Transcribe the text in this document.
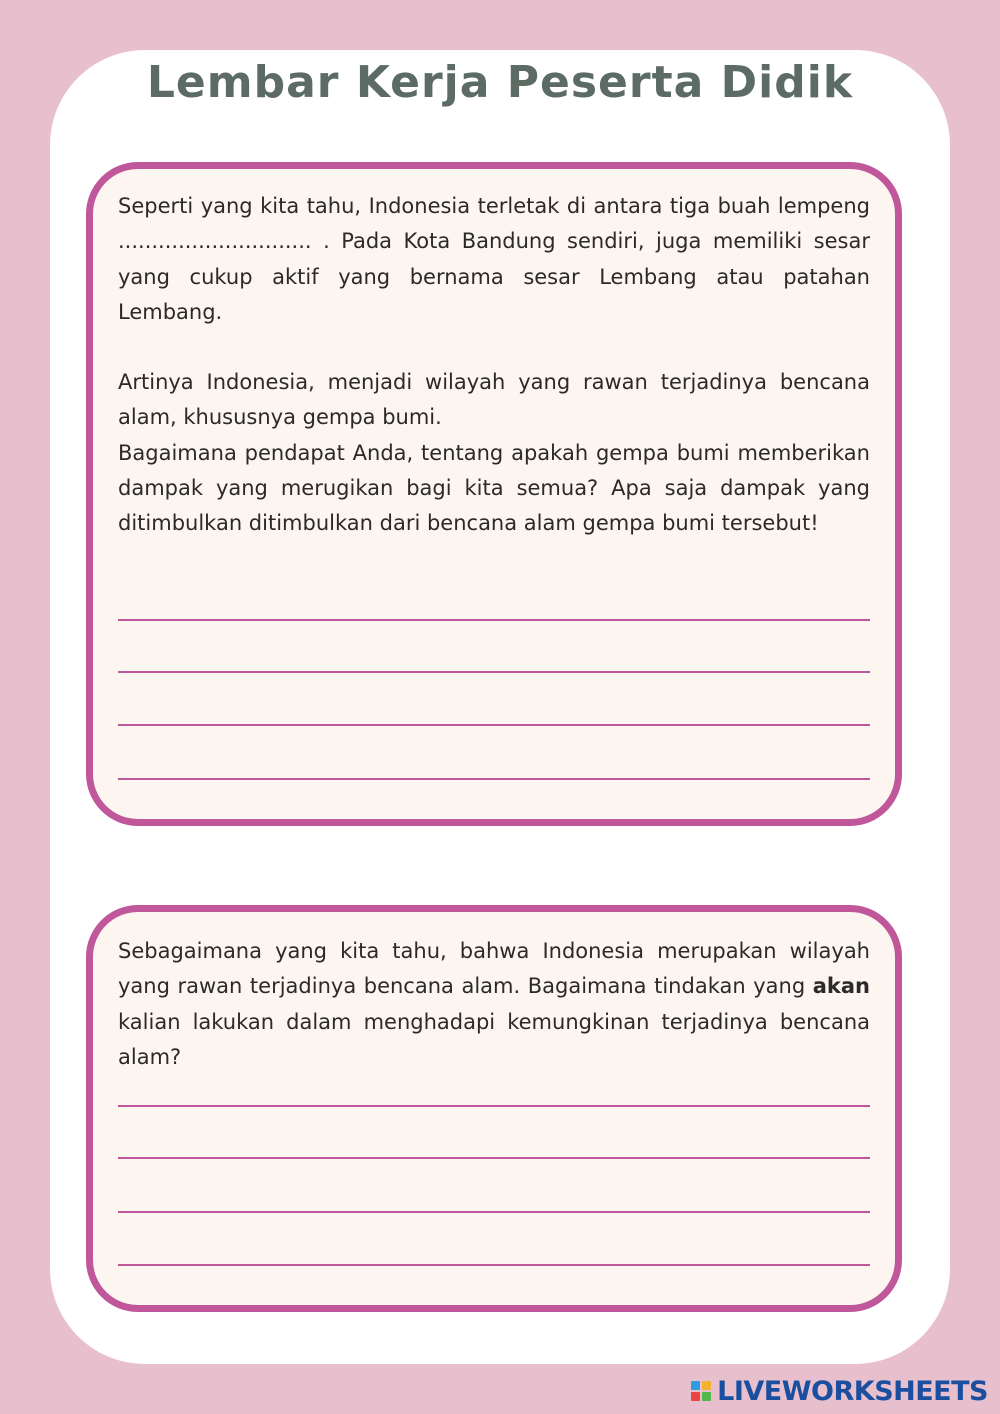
Lembar Kerja Peserta Didik

Seperti yang kita tahu, Indonesia terletak di antara tiga buah lempeng ............................. . Pada Kota Bandung sendiri, juga memiliki sesar yang cukup aktif yang bernama sesar Lembang atau patahan Lembang.

Artinya Indonesia, menjadi wilayah yang rawan terjadinya bencana alam, khususnya gempa bumi.

Bagaimana pendapat Anda, tentang apakah gempa bumi memberikan dampak yang merugikan bagi kita semua? Apa saja dampak yang ditimbulkan ditimbulkan dari bencana alam gempa bumi tersebut!

Sebagaimana yang kita tahu, bahwa Indonesia merupakan wilayah yang rawan terjadinya bencana alam. Bagaimana tindakan yang akan kalian lakukan dalam menghadapi kemungkinan terjadinya bencana alam?

LIVEWORKSHEETS
